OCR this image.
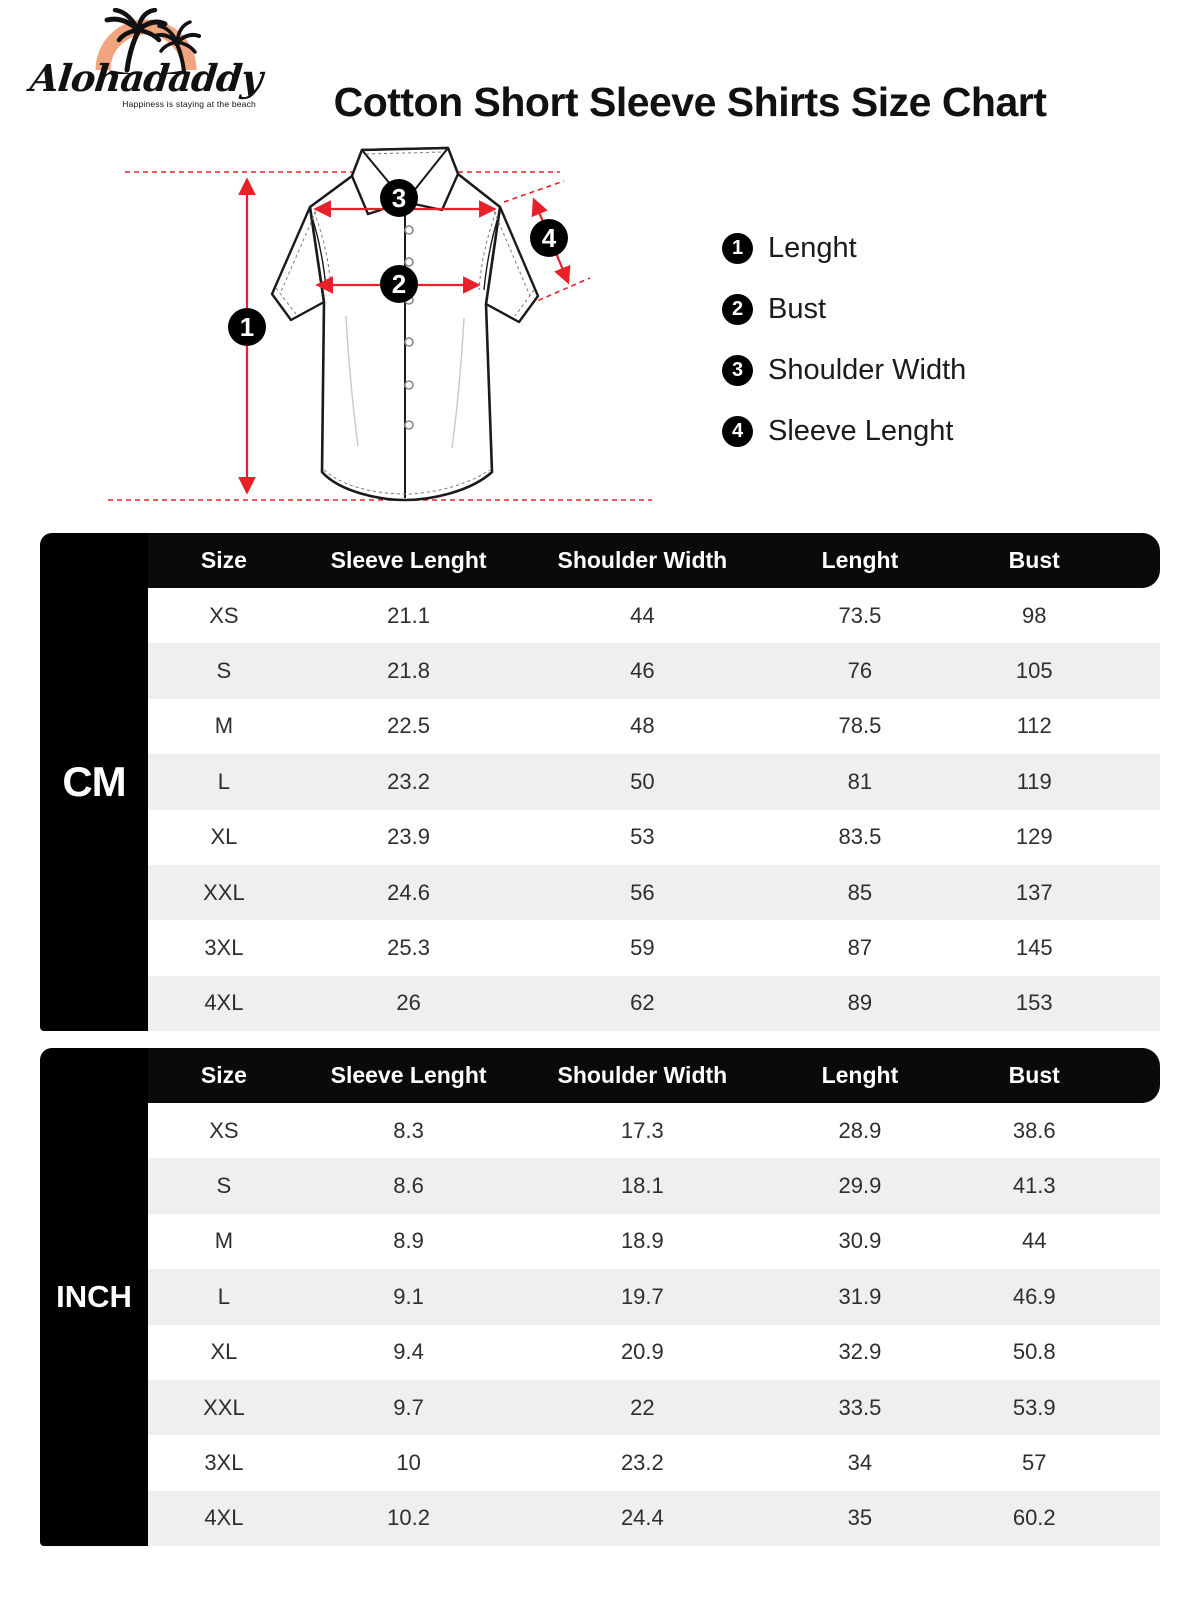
Alohadaddy
Happiness is staying at the beach	Cotton Short Sleeve Shirts Size Chart
1
2
3
4	1 Lenght
2 Bust
3 Shoulder Width
4 Sleeve Lenght
CM
Size	Sleeve Lenght	Shoulder Width	Lenght	Bust
XS	21.1	44	73.5	98
S	21.8	46	76	105
M	22.5	48	78.5	112
L	23.2	50	81	119
XL	23.9	53	83.5	129
XXL	24.6	56	85	137
3XL	25.3	59	87	145
4XL	26	62	89	153
INCH
Size	Sleeve Lenght	Shoulder Width	Lenght	Bust
XS	8.3	17.3	28.9	38.6
S	8.6	18.1	29.9	41.3
M	8.9	18.9	30.9	44
L	9.1	19.7	31.9	46.9
XL	9.4	20.9	32.9	50.8
XXL	9.7	22	33.5	53.9
3XL	10	23.2	34	57
4XL	10.2	24.4	35	60.2
